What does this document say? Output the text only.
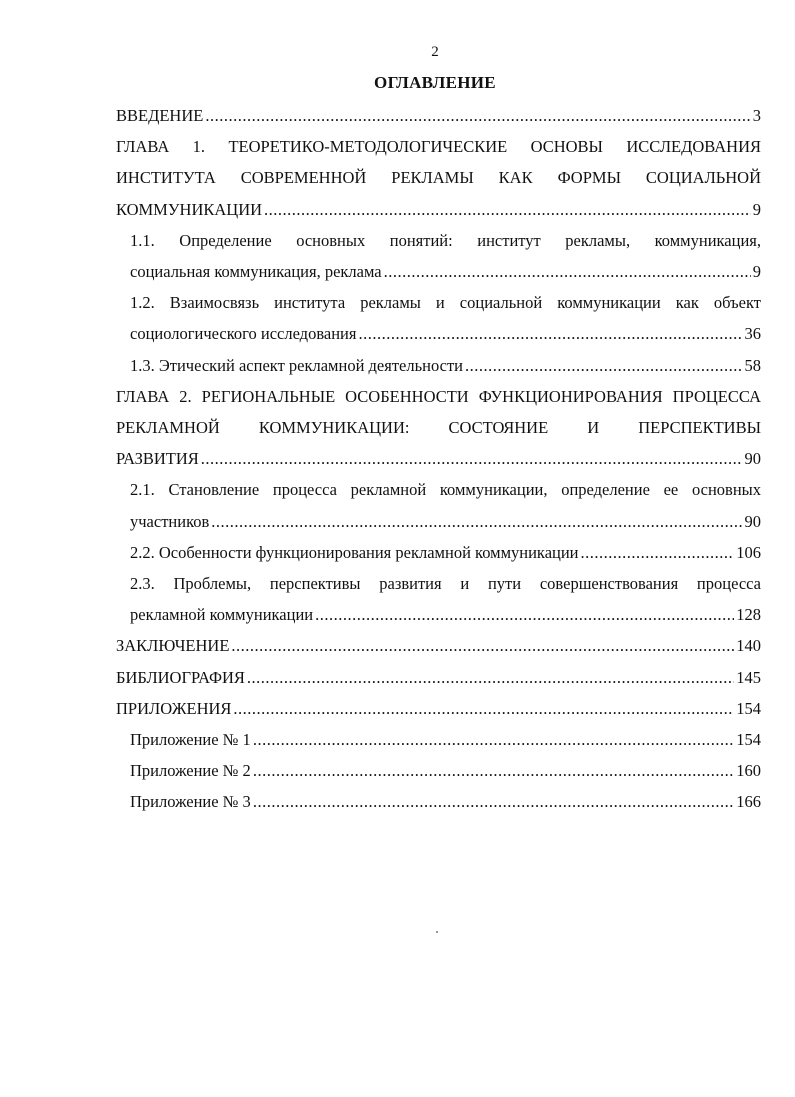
2
ОГЛАВЛЕНИЕ
ВВЕДЕНИЕ .....	3
ГЛАВА 1. ТЕОРЕТИКО-МЕТОДОЛОГИЧЕСКИЕ ОСНОВЫ ИССЛЕДОВАНИЯ ИНСТИТУТА СОВРЕМЕННОЙ РЕКЛАМЫ КАК ФОРМЫ СОЦИАЛЬНОЙ
КОММУНИКАЦИИ .....	9
1.1. Определение основных понятий: институт рекламы, коммуникация,
социальная коммуникация, реклама .....	9
1.2. Взаимосвязь института рекламы и социальной коммуникации как объект
социологического исследования .....	36
1.3. Этический аспект рекламной деятельности .....	58
ГЛАВА 2. РЕГИОНАЛЬНЫЕ ОСОБЕННОСТИ ФУНКЦИОНИРОВАНИЯ ПРОЦЕССА РЕКЛАМНОЙ КОММУНИКАЦИИ: СОСТОЯНИЕ И ПЕРСПЕКТИВЫ
РАЗВИТИЯ .....	90
2.1. Становление процесса рекламной коммуникации, определение ее основных
участников .....	90
2.2. Особенности функционирования рекламной коммуникации .....	106
2.3. Проблемы, перспективы развития и пути совершенствования процесса
рекламной коммуникации .....	128
ЗАКЛЮЧЕНИЕ .....	140
БИБЛИОГРАФИЯ .....	145
ПРИЛОЖЕНИЯ .....	154
Приложение № 1 .....	154
Приложение № 2 .....	160
Приложение № 3 .....	166
